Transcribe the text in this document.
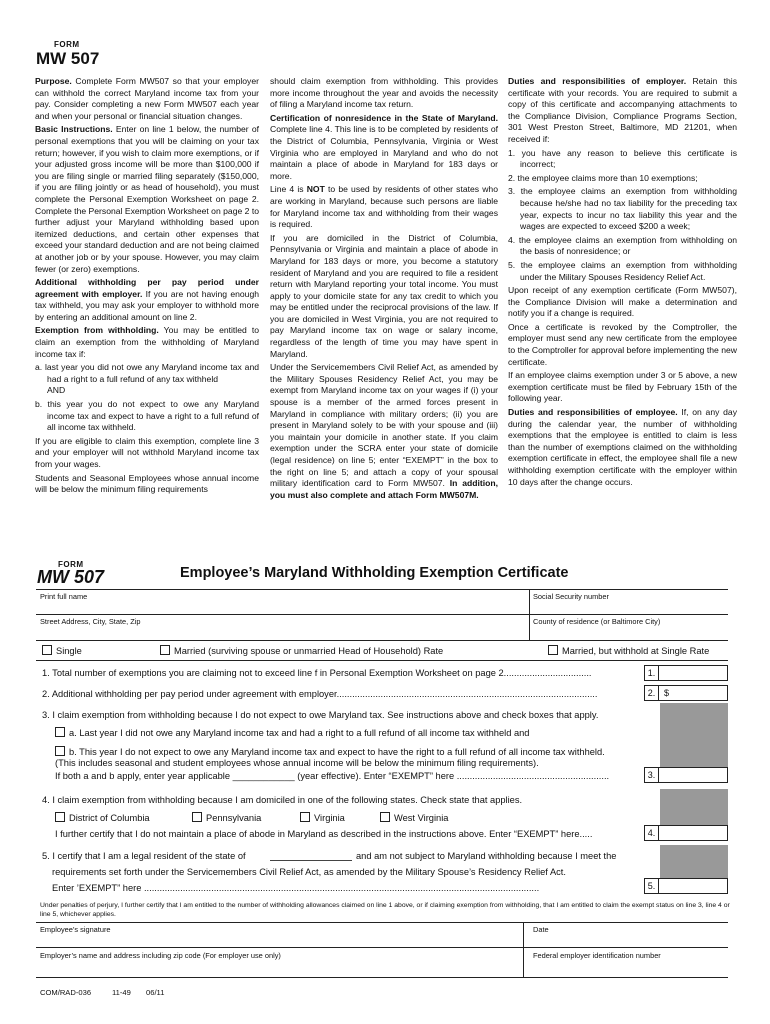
FORM
MW 507

Purpose. Complete Form MW507 so that your employer can withhold the correct Maryland income tax from your pay. Consider completing a new Form MW507 each year and when your personal or financial situation changes.

Basic Instructions. Enter on line 1 below, the number of personal exemptions that you will be claiming on your tax return; however, if you wish to claim more exemptions, or if your adjusted gross income will be more than $100,000 if you are filing single or married filing separately ($150,000, if you are filing jointly or as head of household), you must complete the Personal Exemption Worksheet on page 2. Complete the Personal Exemption Worksheet on page 2 to further adjust your Maryland withholding based upon itemized deductions, and certain other expenses that exceed your standard deduction and are not being claimed at another job or by your spouse. However, you may claim fewer (or zero) exemptions.

Additional withholding per pay period under agreement with employer. If you are not having enough tax withheld, you may ask your employer to withhold more by entering an additional amount on line 2.

Exemption from withholding. You may be entitled to claim an exemption from the withholding of Maryland income tax if:

a. last year you did not owe any Maryland income tax and had a right to a full refund of any tax withheld

AND

b. this year you do not expect to owe any Maryland income tax and expect to have a right to a full refund of all income tax withheld.

If you are eligible to claim this exemption, complete line 3 and your employer will not withhold Maryland income tax from your wages.

Students and Seasonal Employees whose annual income will be below the minimum filing requirements

should claim exemption from withholding. This provides more income throughout the year and avoids the necessity of filing a Maryland income tax return.

Certification of nonresidence in the State of Maryland. Complete line 4. This line is to be completed by residents of the District of Columbia, Pennsylvania, Virginia or West Virginia who are employed in Maryland and who do not maintain a place of abode in Maryland for 183 days or more.

Line 4 is NOT to be used by residents of other states who are working in Maryland, because such persons are liable for Maryland income tax and withholding from their wages is required.

If you are domiciled in the District of Columbia, Pennsylvania or Virginia and maintain a place of abode in Maryland for 183 days or more, you become a statutory resident of Maryland and you are required to file a resident return with Maryland reporting your total income. You must apply to your domicile state for any tax credit to which you may be entitled under the reciprocal provisions of the law. If you are domiciled in West Virginia, you are not required to pay Maryland income tax on wage or salary income, regardless of the length of time you may have spent in Maryland.

Under the Servicemembers Civil Relief Act, as amended by the Military Spouses Residency Relief Act, you may be exempt from Maryland income tax on your wages if (i) your spouse is a member of the armed forces present in Maryland in compliance with military orders; (ii) you are present in Maryland solely to be with your spouse and (iii) you maintain your domicile in another state. If you claim exemption under the SCRA enter your state of domicile (legal residence) on line 5; enter “EXEMPT” in the box to the right on line 5; and attach a copy of your spousal military identification card to Form MW507. In addition, you must also complete and attach Form MW507M.

Duties and responsibilities of employer. Retain this certificate with your records. You are required to submit a copy of this certificate and accompanying attachments to the Compliance Division, Compliance Programs Section, 301 West Preston Street, Baltimore, MD 21201, when received if:

1. you have any reason to believe this certificate is incorrect;

2. the employee claims more than 10 exemptions;

3. the employee claims an exemption from withholding because he/she had no tax liability for the preceding tax year, expects to incur no tax liability this year and the wages are expected to exceed $200 a week;

4. the employee claims an exemption from withholding on the basis of nonresidence; or

5. the employee claims an exemption from withholding under the Military Spouses Residency Relief Act.

Upon receipt of any exemption certificate (Form MW507), the Compliance Division will make a determination and notify you if a change is required.

Once a certificate is revoked by the Comptroller, the employer must send any new certificate from the employee to the Comptroller for approval before implementing the new certificate.

If an employee claims exemption under 3 or 5 above, a new exemption certificate must be filed by February 15th of the following year.

Duties and responsibilities of employee. If, on any day during the calendar year, the number of withholding exemptions that the employee is entitled to claim is less than the number of exemptions claimed on the withholding exemption certificate in effect, the employee shall file a new withholding exemption certificate with the employer within 10 days after the change occurs.

FORM
MW 507	Employee’s Maryland Withholding Exemption Certificate
Print full name	Social Security number
Street Address, City, State, Zip	County of residence (or Baltimore City)
Single	Married (surviving spouse or unmarried Head of Household) Rate	Married, but withhold at Single Rate
1. Total number of exemptions you are claiming not to exceed line f in Personal Exemption Worksheet on page 2..................................	1.
2. Additional withholding per pay period under agreement with employer.....................................................................................................	2. $
3. I claim exemption from withholding because I do not expect to owe Maryland tax. See instructions above and check boxes that apply.
a. Last year I did not owe any Maryland income tax and had a right to a full refund of all income tax withheld and
b. This year I do not expect to owe any Maryland income tax and expect to have the right to a full refund of all income tax withheld.
(This includes seasonal and student employees whose annual income will be below the minimum filing requirements).
If both a and b apply, enter year applicable ____________ (year effective). Enter “EXEMPT” here ...........................................................	3.
4. I claim exemption from withholding because I am domiciled in one of the following states. Check state that applies.
District of Columbia	Pennsylvania	Virginia	West Virginia
I further certify that I do not maintain a place of abode in Maryland as described in the instructions above. Enter “EXEMPT” here.....	4.
5. I certify that I am a legal resident of the state of	and am not subject to Maryland withholding because I meet the
requirements set forth under the Servicemembers Civil Relief Act, as amended by the Military Spouse’s Residency Relief Act.
Enter ’EXEMPT” here .........................................................................................................................................................	5.
Under penalties of perjury, I further certify that I am entitled to the number of withholding allowances claimed on line 1 above, or if claiming exemption from withholding, that I am entitled to claim the exempt status on line 3, line 4 or line 5, whichever applies.
Employee’s signature	Date
Employer’s name and address including zip code (For employer use only)	Federal employer identification number
COM/RAD-036	11-49 06/11
